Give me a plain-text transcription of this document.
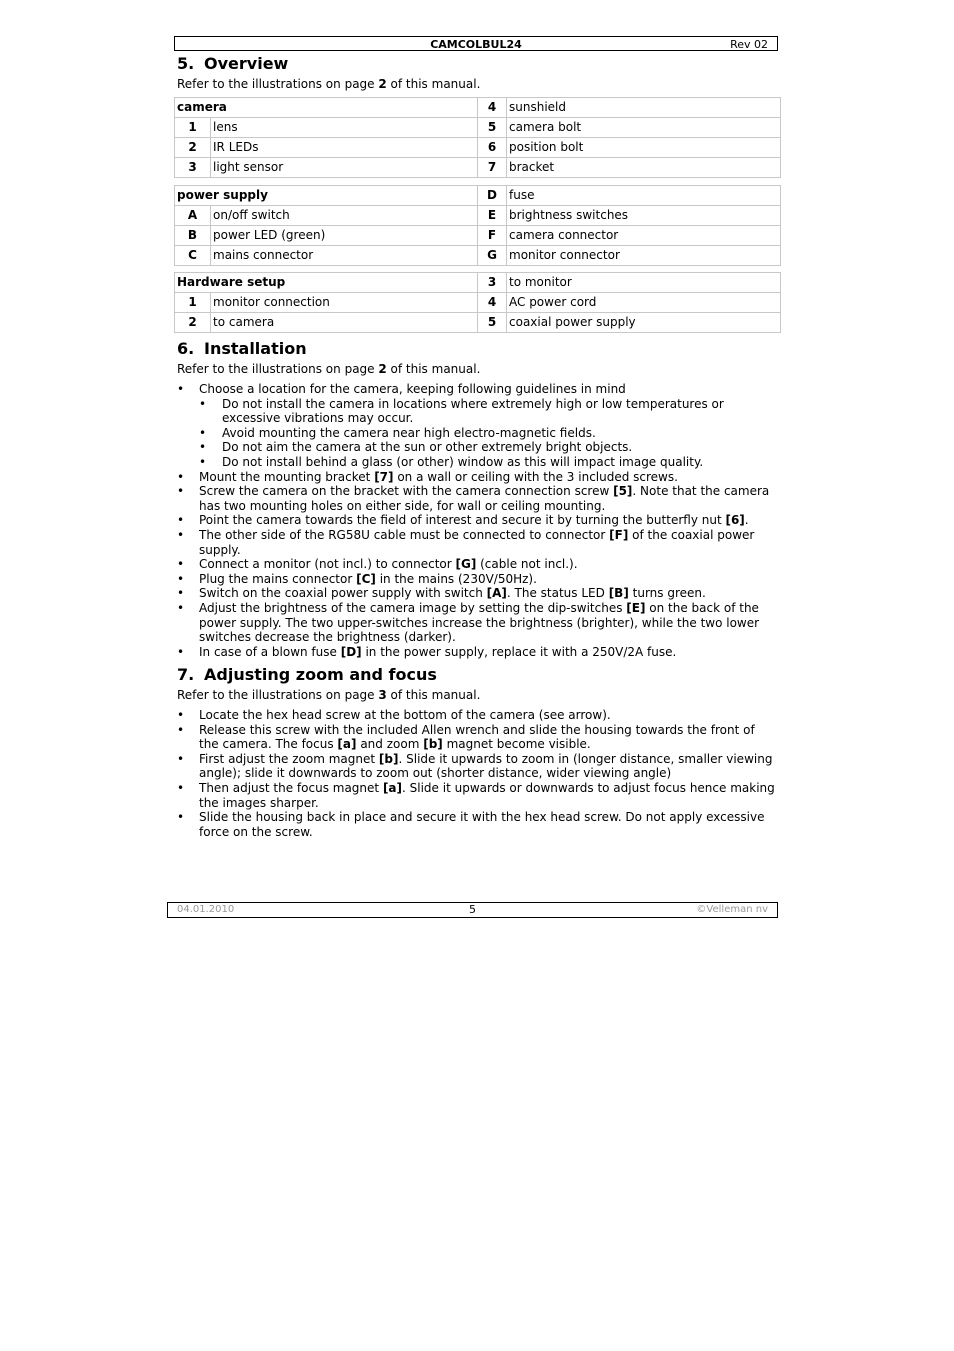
CAMCOLBUL24	Rev 02
5. Overview

Refer to the illustrations on page 2 of this manual.

camera		4	sunshield
1	lens	5	camera bolt
2	IR LEDs	6	position bolt
3	light sensor	7	bracket
power supply		D	fuse
A	on/off switch	E	brightness switches
B	power LED (green)	F	camera connector
C	mains connector	G	monitor connector
Hardware setup		3	to monitor
1	monitor connection	4	AC power cord
2	to camera	5	coaxial power supply
6. Installation

Refer to the illustrations on page 2 of this manual.

• Choose a location for the camera, keeping following guidelines in mind
• Do not install the camera in locations where extremely high or low temperatures or excessive vibrations may occur.
• Avoid mounting the camera near high electro-magnetic fields.
• Do not aim the camera at the sun or other extremely bright objects.
• Do not install behind a glass (or other) window as this will impact image quality.
• Mount the mounting bracket [7] on a wall or ceiling with the 3 included screws.
• Screw the camera on the bracket with the camera connection screw [5]. Note that the camera has two mounting holes on either side, for wall or ceiling mounting.
• Point the camera towards the field of interest and secure it by turning the butterfly nut [6].
• The other side of the RG58U cable must be connected to connector [F] of the coaxial power supply.
• Connect a monitor (not incl.) to connector [G] (cable not incl.).
• Plug the mains connector [C] in the mains (230V/50Hz).
• Switch on the coaxial power supply with switch [A]. The status LED [B] turns green.
• Adjust the brightness of the camera image by setting the dip-switches [E] on the back of the power supply. The two upper-switches increase the brightness (brighter), while the two lower switches decrease the brightness (darker).
• In case of a blown fuse [D] in the power supply, replace it with a 250V/2A fuse.
7. Adjusting zoom and focus

Refer to the illustrations on page 3 of this manual.

• Locate the hex head screw at the bottom of the camera (see arrow).
• Release this screw with the included Allen wrench and slide the housing towards the front of the camera. The focus [a] and zoom [b] magnet become visible.
• First adjust the zoom magnet [b]. Slide it upwards to zoom in (longer distance, smaller viewing angle); slide it downwards to zoom out (shorter distance, wider viewing angle)
• Then adjust the focus magnet [a]. Slide it upwards or downwards to adjust focus hence making the images sharper.
• Slide the housing back in place and secure it with the hex head screw. Do not apply excessive force on the screw.
04.01.2010	5	©Velleman nv
